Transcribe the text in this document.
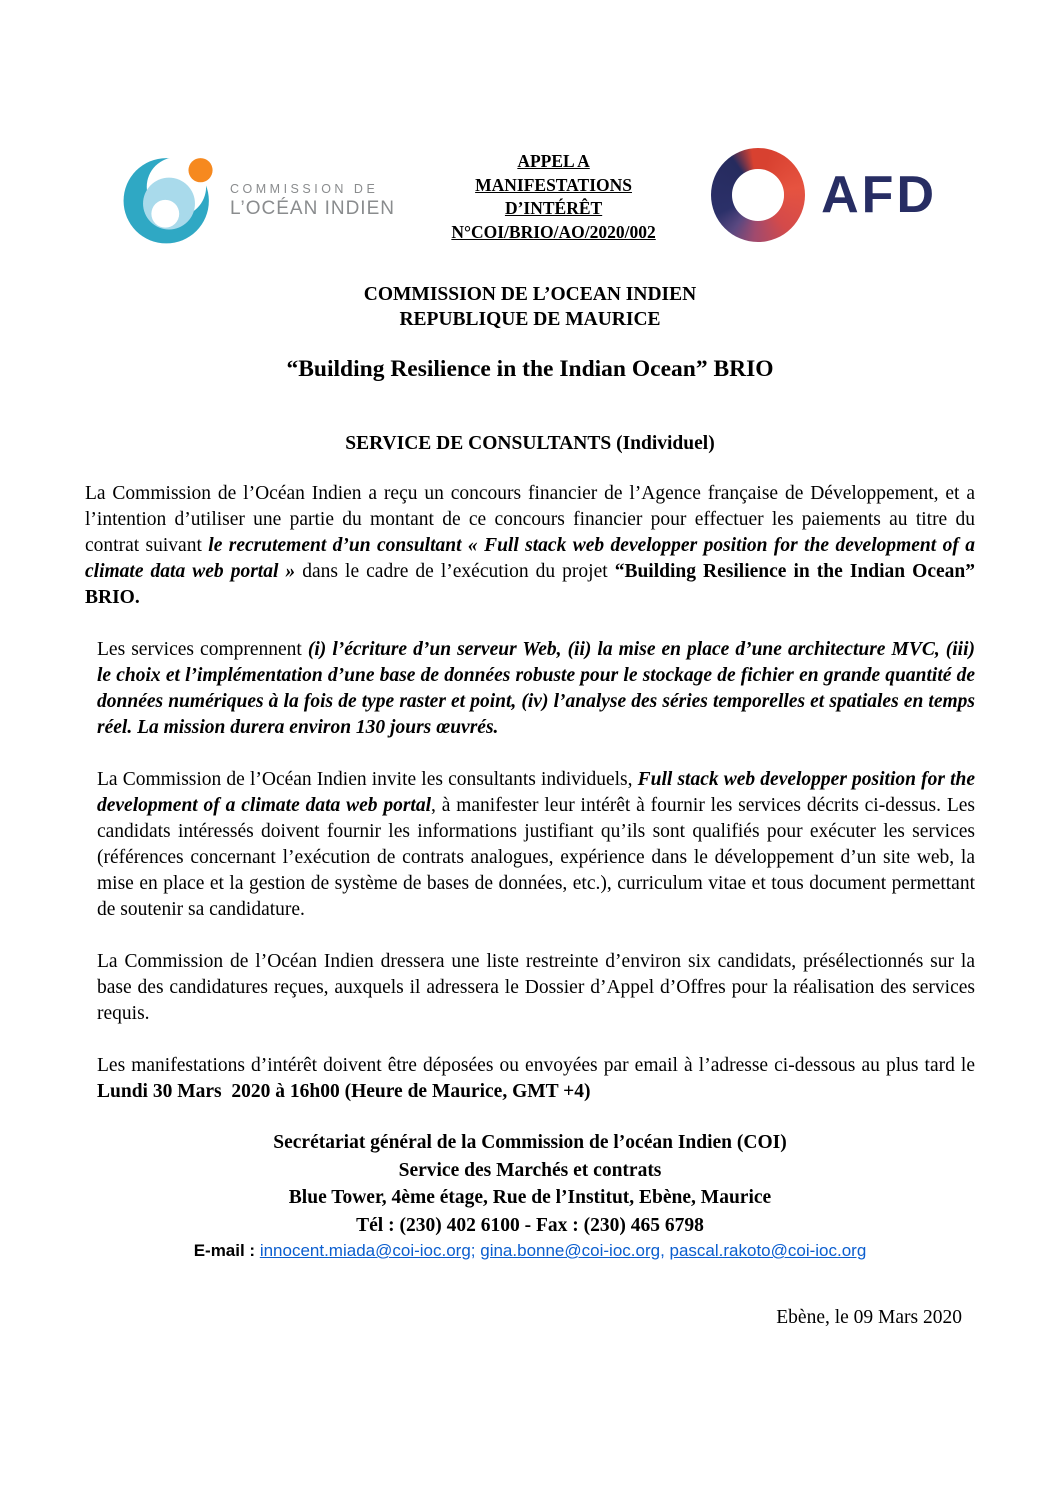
COMMISSION DE
L’OCÉAN INDIEN
APPEL A
MANIFESTATIONS
D’INTÉRÊT
N°COI/BRIO/AO/2020/002
AFD
COMMISSION DE L’OCEAN INDIEN
REPUBLIQUE DE MAURICE
“Building Resilience in the Indian Ocean” BRIO
SERVICE DE CONSULTANTS (Individuel)

La Commission de l’Océan Indien a reçu un concours financier de l’Agence française de Développement, et a l’intention d’utiliser une partie du montant de ce concours financier pour effectuer les paiements au titre du contrat suivant le recrutement d’un consultant « Full stack web developper position for the development of a climate data web portal » dans le cadre de l’exécution du projet “Building Resilience in the Indian Ocean” BRIO.

Les services comprennent (i) l’écriture d’un serveur Web, (ii) la mise en place d’une architecture MVC, (iii) le choix et l’implémentation d’une base de données robuste pour le stockage de fichier en grande quantité de données numériques à la fois de type raster et point, (iv) l’analyse des séries temporelles et spatiales en temps réel. La mission durera environ 130 jours œuvrés.

La Commission de l’Océan Indien invite les consultants individuels, Full stack web developper position for the development of a climate data web portal, à manifester leur intérêt à fournir les services décrits ci-dessus. Les candidats intéressés doivent fournir les informations justifiant qu’ils sont qualifiés pour exécuter les services (références concernant l’exécution de contrats analogues, expérience dans le développement d’un site web, la mise en place et la gestion de système de bases de données, etc.), curriculum vitae et tous document permettant de soutenir sa candidature.

La Commission de l’Océan Indien dressera une liste restreinte d’environ six candidats, présélectionnés sur la base des candidatures reçues, auxquels il adressera le Dossier d’Appel d’Offres pour la réalisation des services requis.

Les manifestations d’intérêt doivent être déposées ou envoyées par email à l’adresse ci-dessous au plus tard le Lundi 30 Mars  2020 à 16h00 (Heure de Maurice, GMT +4)

Secrétariat général de la Commission de l’océan Indien (COI)
Service des Marchés et contrats
Blue Tower, 4ème étage, Rue de l’Institut, Ebène, Maurice
Tél : (230) 402 6100 - Fax : (230) 465 6798
E-mail : innocent.miada@coi-ioc.org; gina.bonne@coi-ioc.org, pascal.rakoto@coi-ioc.org
Ebène, le 09 Mars 2020
